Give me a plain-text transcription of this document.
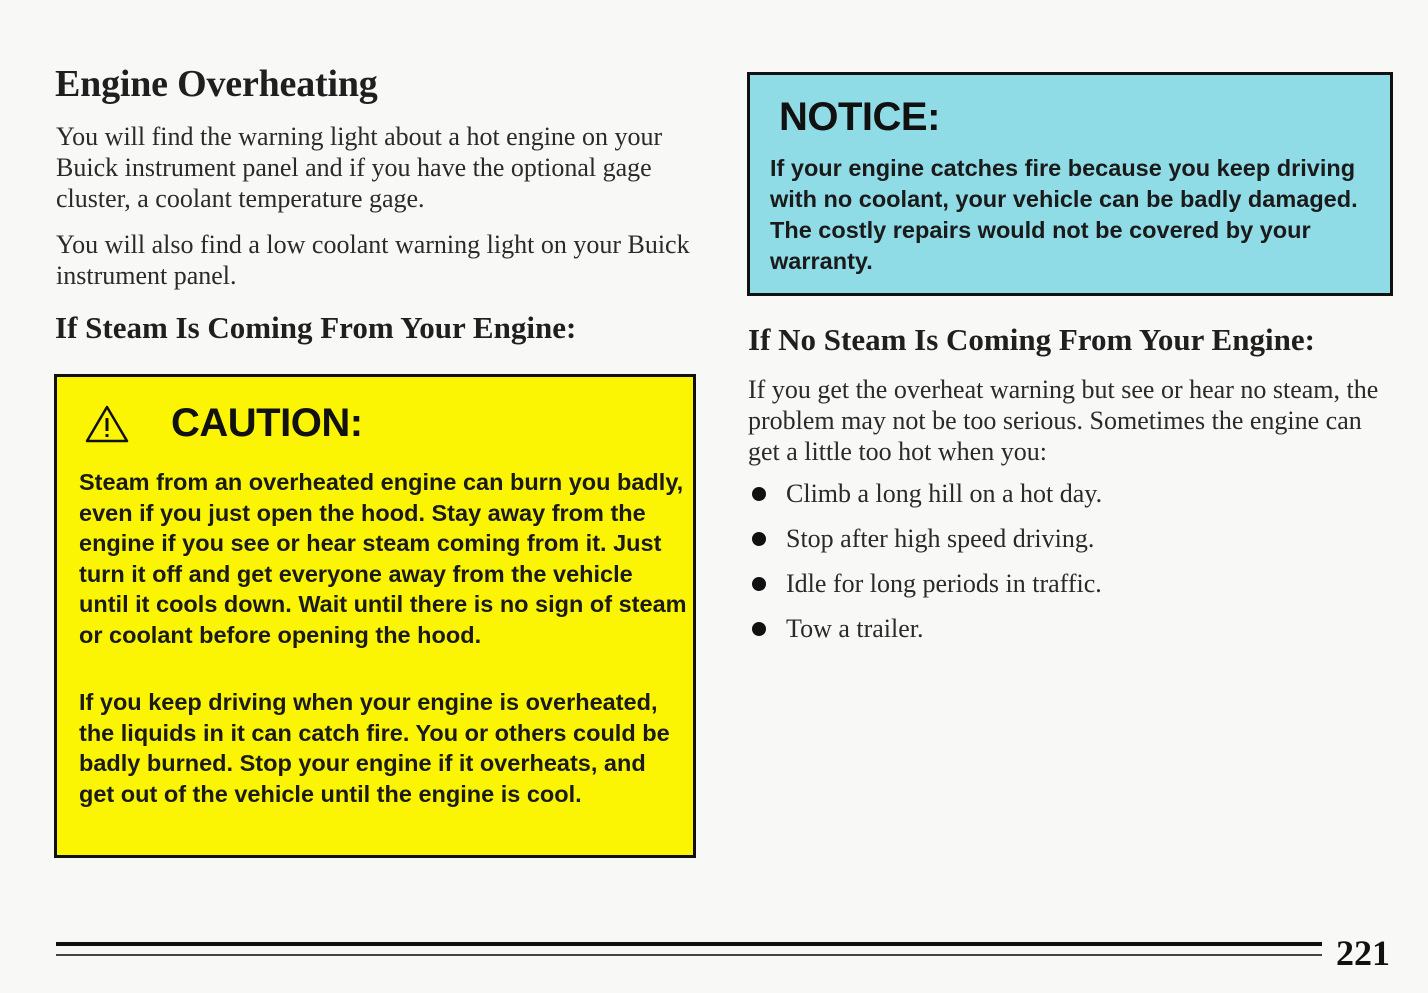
Engine Overheating

You will find the warning light about a hot engine on your Buick instrument panel and if you have the optional gage cluster, a coolant temperature gage.

You will also find a low coolant warning light on your Buick instrument panel.

If Steam Is Coming From Your Engine:
CAUTION:

Steam from an overheated engine can burn you badly, even if you just open the hood. Stay away from the engine if you see or hear steam coming from it. Just turn it off and get everyone away from the vehicle until it cools down. Wait until there is no sign of steam or coolant before opening the hood.

If you keep driving when your engine is overheated, the liquids in it can catch fire. You or others could be badly burned. Stop your engine if it overheats, and get out of the vehicle until the engine is cool.

NOTICE:

If your engine catches fire because you keep driving with no coolant, your vehicle can be badly damaged. The costly repairs would not be covered by your warranty.

If No Steam Is Coming From Your Engine:

If you get the overheat warning but see or hear no steam, the problem may not be too serious. Sometimes the engine can get a little too hot when you:

Climb a long hill on a hot day.
Stop after high speed driving.
Idle for long periods in traffic.
Tow a trailer.
221
